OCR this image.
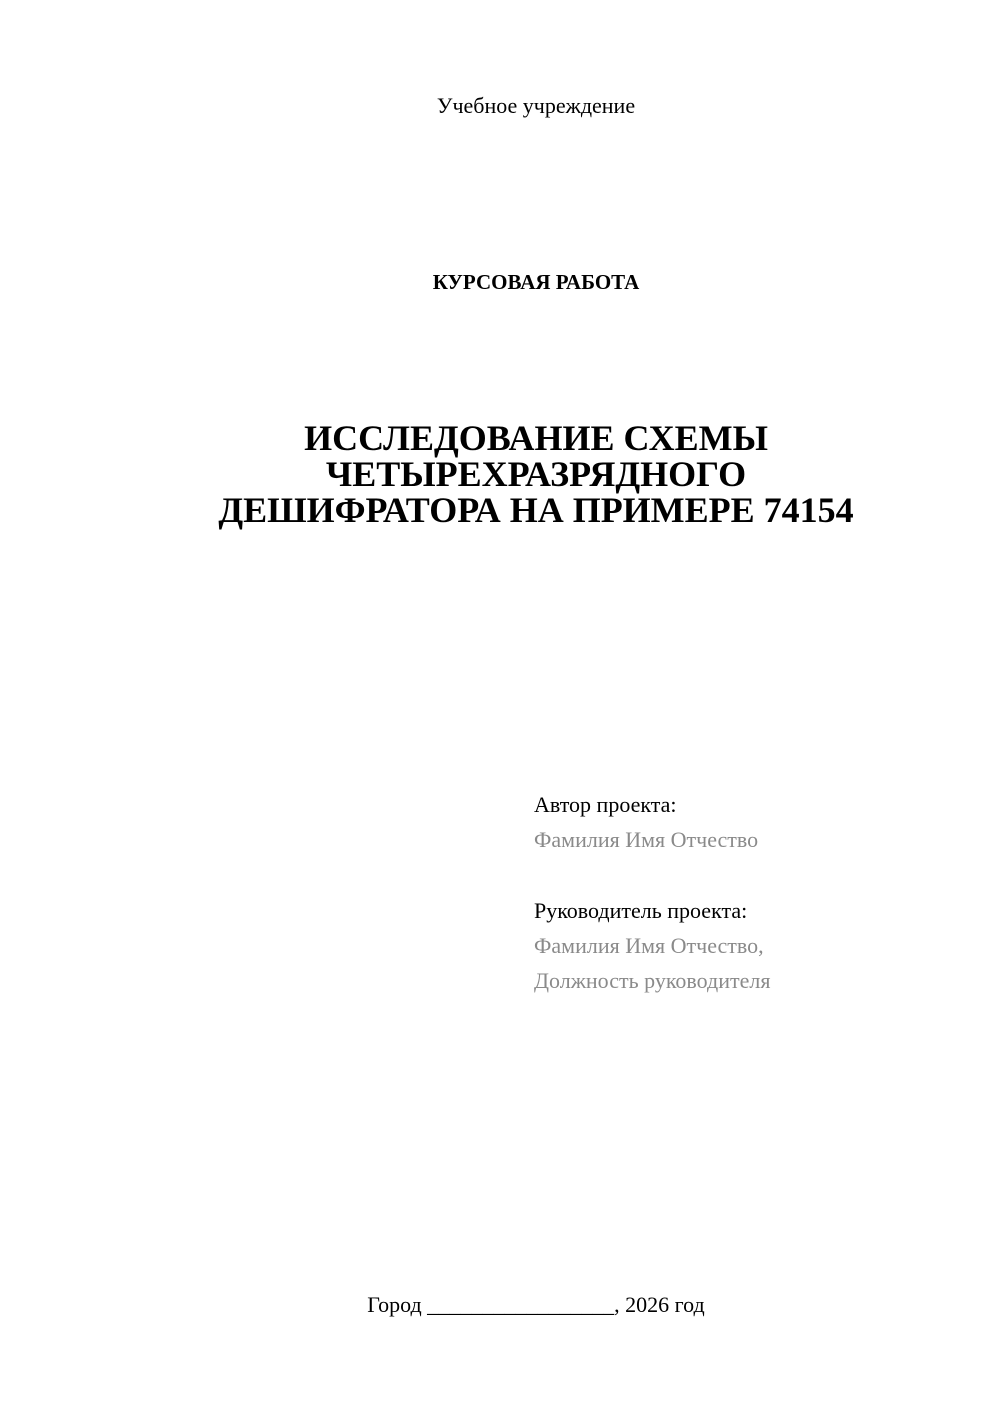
Учебное учреждение
КУРСОВАЯ РАБОТА
ИССЛЕДОВАНИЕ СХЕМЫ
ЧЕТЫРЕХРАЗРЯДНОГО
ДЕШИФРАТОРА НА ПРИМЕРЕ 74154
Автор проекта:
Фамилия Имя Отчество
Руководитель проекта:
Фамилия Имя Отчество,
Должность руководителя
Город _________________, 2026 год
